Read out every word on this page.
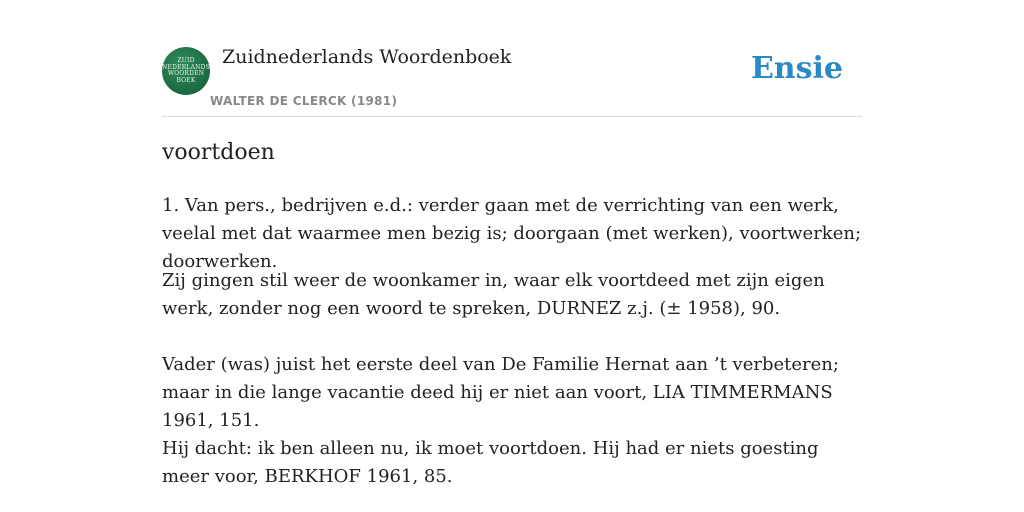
ZUID
NEDERLANDS
WOORDEN
BOEK
Zuidnederlands Woordenboek
WALTER DE CLERCK (1981)
Ensie
voortdoen

1. Van pers., bedrijven e.d.: verder gaan met de verrichting van een werk, veelal met dat waarmee men bezig is; doorgaan (met werken), voortwerken; doorwerken.

Zij gingen stil weer de woonkamer in, waar elk voortdeed met zijn eigen werk, zonder nog een woord te spreken, DURNEZ z.j. (± 1958), 90.

Vader (was) juist het eerste deel van De Familie Hernat aan ’t verbeteren; maar in die lange vacantie deed hij er niet aan voort, LIA TIMMERMANS 1961, 151.

Hij dacht: ik ben alleen nu, ik moet voortdoen. Hij had er niets goesting meer voor, BERKHOF 1961, 85.
